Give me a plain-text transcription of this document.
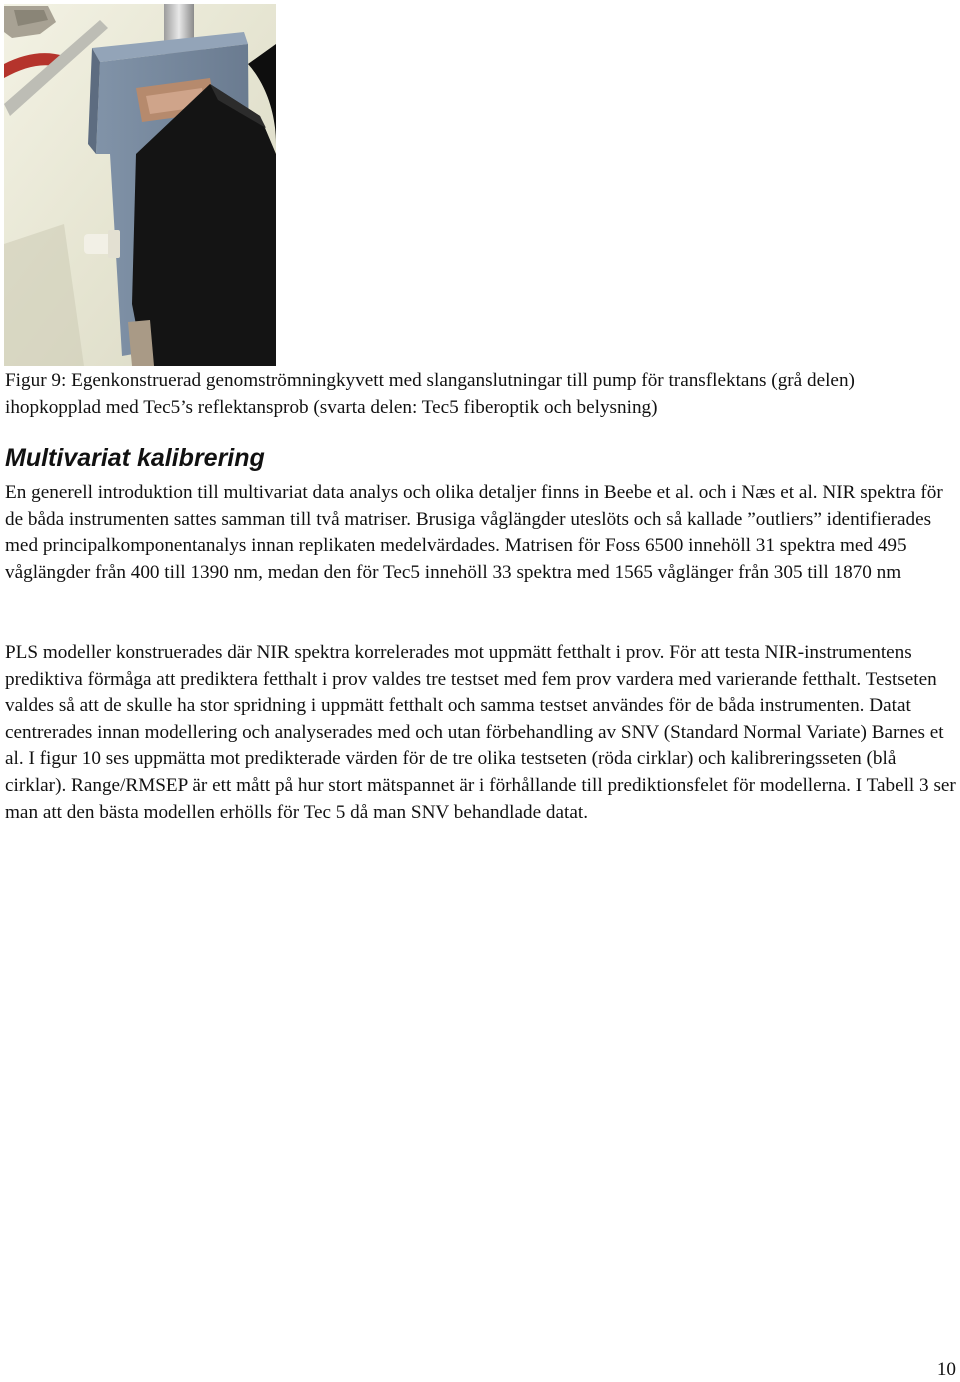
Figur 9: Egenkonstruerad genomströmningkyvett med slanganslutningar till pump för transflektans (grå delen) ihopkopplad med Tec5’s reflektansprob (svarta delen: Tec5 fiberoptik och belysning)

Multivariat kalibrering

En generell introduktion till multivariat data analys och olika detaljer finns in Beebe et al. och i Næs et al. NIR spektra för de båda instrumenten sattes samman till två matriser. Brusiga våglängder uteslöts och så kallade ”outliers” identifierades med principalkomponentanalys innan replikaten medelvärdades. Matrisen för Foss 6500 innehöll 31 spektra med 495 våglängder från 400 till 1390 nm, medan den för Tec5 innehöll 33 spektra med 1565 våglänger från 305 till 1870 nm

PLS modeller konstruerades där NIR spektra korrelerades mot uppmätt fetthalt i prov. För att testa NIR-instrumentens prediktiva förmåga att prediktera fetthalt i prov valdes tre testset med fem prov vardera med varierande fetthalt. Testseten valdes så att de skulle ha stor spridning i uppmätt fetthalt och samma testset användes för de båda instrumenten. Datat centrerades innan modellering och analyserades med och utan förbehandling av SNV (Standard Normal Variate) Barnes et al. I figur 10 ses uppmätta mot predikterade värden för de tre olika testseten (röda cirklar) och kalibreringsseten (blå cirklar). Range/RMSEP är ett mått på hur stort mätspannet är i förhållande till prediktionsfelet för modellerna. I Tabell 3 ser man att den bästa modellen erhölls för Tec 5 då man SNV behandlade datat.

10
